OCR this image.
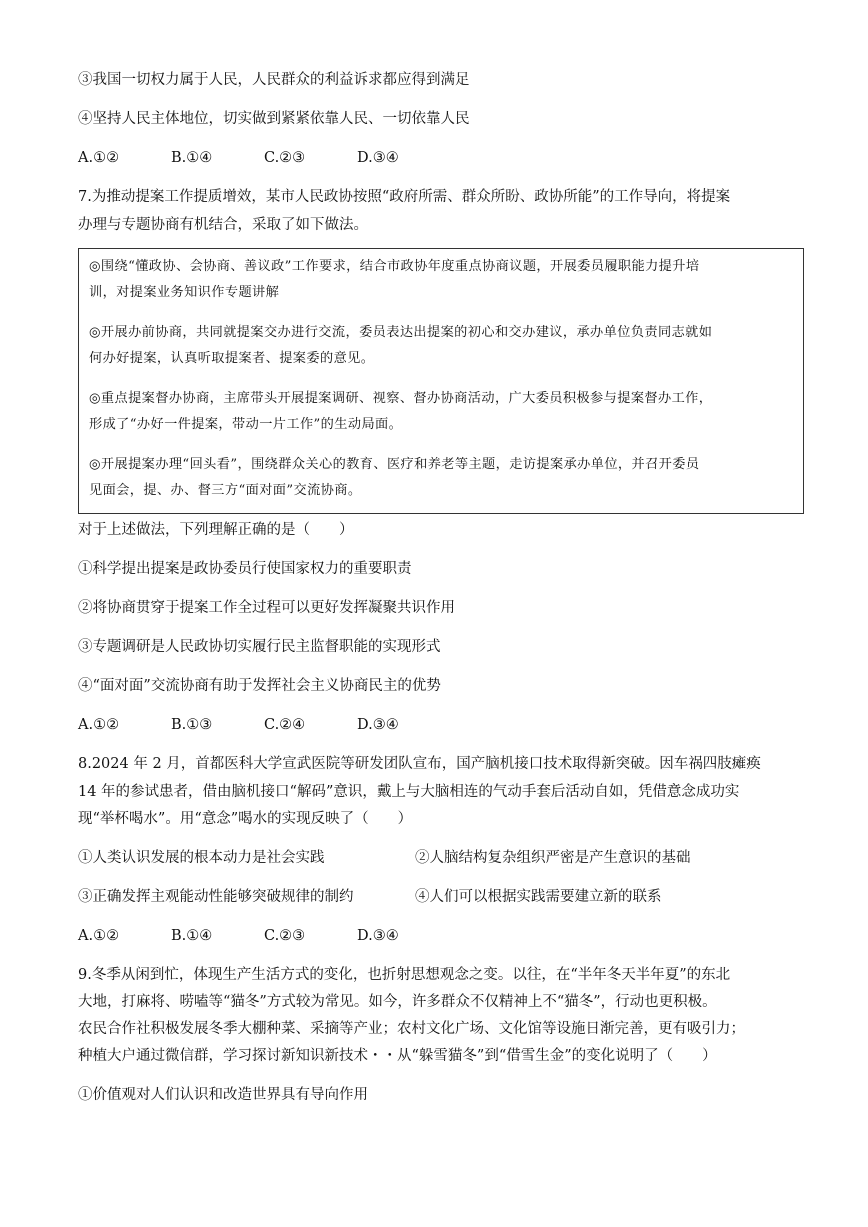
③我国一切权力属于人民，人民群众的利益诉求都应得到满足
④坚持人民主体地位，切实做到紧紧依靠人民、一切依靠人民
A.①②	B.①④	C.②③	D.③④
7.为推动提案工作提质增效，某市人民政协按照“政府所需、群众所盼、政协所能”的工作导向，将提案
办理与专题协商有机结合，采取了如下做法。
◎围绕“懂政协、会协商、善议政”工作要求，结合市政协年度重点协商议题，开展委员履职能力提升培
训，对提案业务知识作专题讲解
◎开展办前协商，共同就提案交办进行交流，委员表达出提案的初心和交办建议，承办单位负责同志就如
何办好提案，认真听取提案者、提案委的意见。
◎重点提案督办协商，主席带头开展提案调研、视察、督办协商活动，广大委员积极参与提案督办工作，
形成了“办好一件提案，带动一片工作”的生动局面。
◎开展提案办理“回头看”，围绕群众关心的教育、医疗和养老等主题，走访提案承办单位，并召开委员
见面会，提、办、督三方“面对面”交流协商。
对于上述做法，下列理解正确的是（　　）
①科学提出提案是政协委员行使国家权力的重要职责
②将协商贯穿于提案工作全过程可以更好发挥凝聚共识作用
③专题调研是人民政协切实履行民主监督职能的实现形式
④“面对面”交流协商有助于发挥社会主义协商民主的优势
A.①②	B.①③	C.②④	D.③④
8.2024 年 2 月，首都医科大学宣武医院等研发团队宣布，国产脑机接口技术取得新突破。因车祸四肢瘫痪
14 年的参试患者，借由脑机接口“解码”意识，戴上与大脑相连的气动手套后活动自如，凭借意念成功实
现“举杯喝水”。用“意念”喝水的实现反映了（　　）
①人类认识发展的根本动力是社会实践	②人脑结构复杂组织严密是产生意识的基础
③正确发挥主观能动性能够突破规律的制约	④人们可以根据实践需要建立新的联系
A.①②	B.①④	C.②③	D.③④
9.冬季从闲到忙，体现生产生活方式的变化，也折射思想观念之变。以往，在“半年冬天半年夏”的东北
大地，打麻将、唠嗑等“猫冬”方式较为常见。如今，许多群众不仅精神上不“猫冬”，行动也更积极。
农民合作社积极发展冬季大棚种菜、采摘等产业；农村文化广场、文化馆等设施日渐完善，更有吸引力；
种植大户通过微信群，学习探讨新知识新技术・・从“躲雪猫冬”到“借雪生金”的变化说明了（　　）
①价值观对人们认识和改造世界具有导向作用
